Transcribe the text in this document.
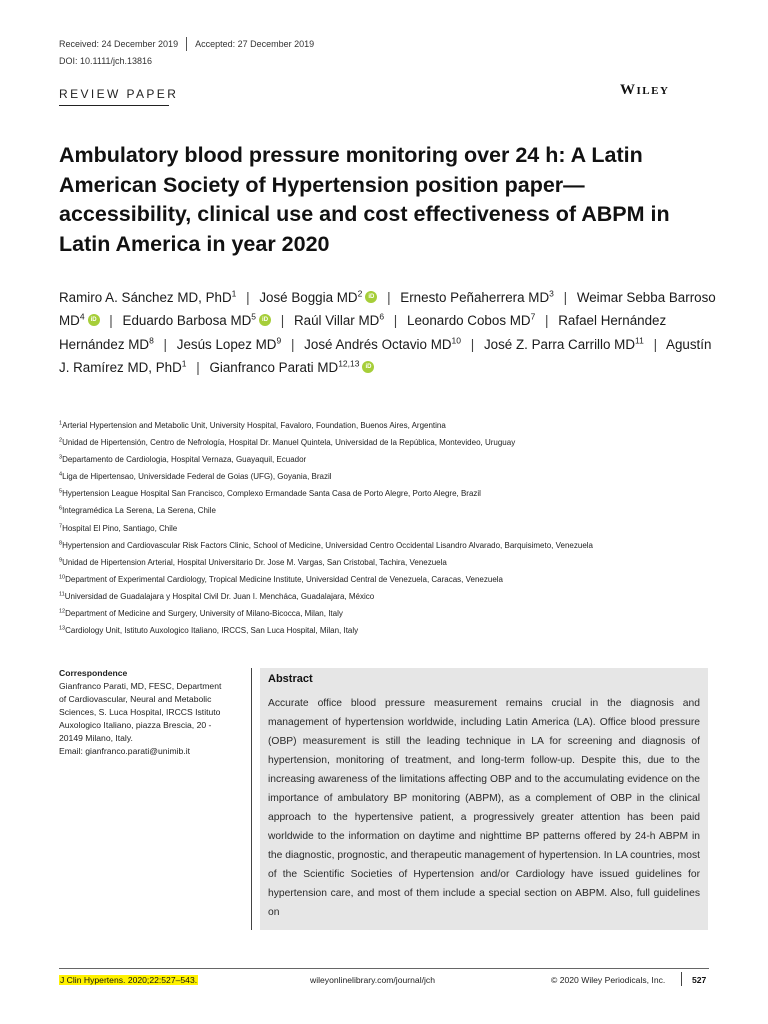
Received: 24 December 2019 Accepted: 27 December 2019
DOI: 10.1111/jch.13816
REVIEW PAPER	Wiley
Ambulatory blood pressure monitoring over 24 h: A Latin American Society of Hypertension position paper—accessibility, clinical use and cost effectiveness of ABPM in Latin America in year 2020

Ramiro A. Sánchez MD, PhD$^1$ | José Boggia $MD^2iD$ | Ernesto Peñaherrera $MD^3$ | Weimar Sebba Barroso $MD^4iD$ | Eduardo Barbosa $MD^5iD$ | Raúl Villar $MD^6$ | Leonardo Cobos $MD^7$ | Rafael Hernández Hernández $MD^8$ | Jesús Lopez $MD^9$ | José Andrés Octavio MD$^{10}$ | José Z. Parra Carrillo MD$^{11}$ | Agustín J. Ramírez MD, PhD$^1$ | Gianfranco Parati MD$^{12,13}$iD

$^1$Arterial Hypertension and Metabolic Unit, University Hospital, Favaloro, Foundation, Buenos Aires, Argentina
$^2$Unidad de Hipertensión, Centro de Nefrología, Hospital Dr. Manuel Quintela, Universidad de la República, Montevideo, Uruguay
$^3$Departamento de Cardiologia, Hospital Vernaza, Guayaquil, Ecuador
$^4$Liga de Hipertensao, Universidade Federal de Goias (UFG), Goyania, Brazil
$^5$Hypertension League Hospital San Francisco, Complexo Ermandade Santa Casa de Porto Alegre, Porto Alegre, Brazil
$^6$Integramédica La Serena, La Serena, Chile
$^7$Hospital El Pino, Santiago, Chile
$^8$Hypertension and Cardiovascular Risk Factors Clinic, School of Medicine, Universidad Centro Occidental Lisandro Alvarado, Barquisimeto, Venezuela
$^9$Unidad de Hipertension Arterial, Hospital Universitario Dr. Jose M. Vargas, San Cristobal, Tachira, Venezuela
$^{10}$Department of Experimental Cardiology, Tropical Medicine Institute, Universidad Central de Venezuela, Caracas, Venezuela
$^{11}$Universidad de Guadalajara y Hospital Civil Dr. Juan I. Mencháca, Guadalajara, México
$^{12}$Department of Medicine and Surgery, University of Milano-Bicocca, Milan, Italy
$^{13}$Cardiology Unit, Istituto Auxologico Italiano, IRCCS, San Luca Hospital, Milan, Italy
Correspondence
Gianfranco Parati, MD, FESC, Department
of Cardiovascular, Neural and Metabolic
Sciences, S. Luca Hospital, IRCCS Istituto
Auxologico Italiano, piazza Brescia, 20 -
20149 Milano, Italy.
Email: gianfranco.parati@unimib.it
Abstract

Accurate office blood pressure measurement remains crucial in the diagnosis and management of hypertension worldwide, including Latin America (LA). Office blood pressure (OBP) measurement is still the leading technique in LA for screening and diagnosis of hypertension, monitoring of treatment, and long-term follow-up. Despite this, due to the increasing awareness of the limitations affecting OBP and to the accumulating evidence on the importance of ambulatory BP monitoring (ABPM), as a complement of OBP in the clinical approach to the hypertensive patient, a progressively greater attention has been paid worldwide to the information on daytime and nighttime BP patterns offered by 24-h ABPM in the diagnostic, prognostic, and therapeutic management of hypertension. In LA countries, most of the Scientific Societies of Hypertension and/or Cardiology have issued guidelines for hypertension care, and most of them include a special section on ABPM. Also, full guidelines on

J Clin Hypertens. 2020;22:527–543.	wileyonlinelibrary.com/journal/jch	© 2020 Wiley Periodicals, Inc.	527
